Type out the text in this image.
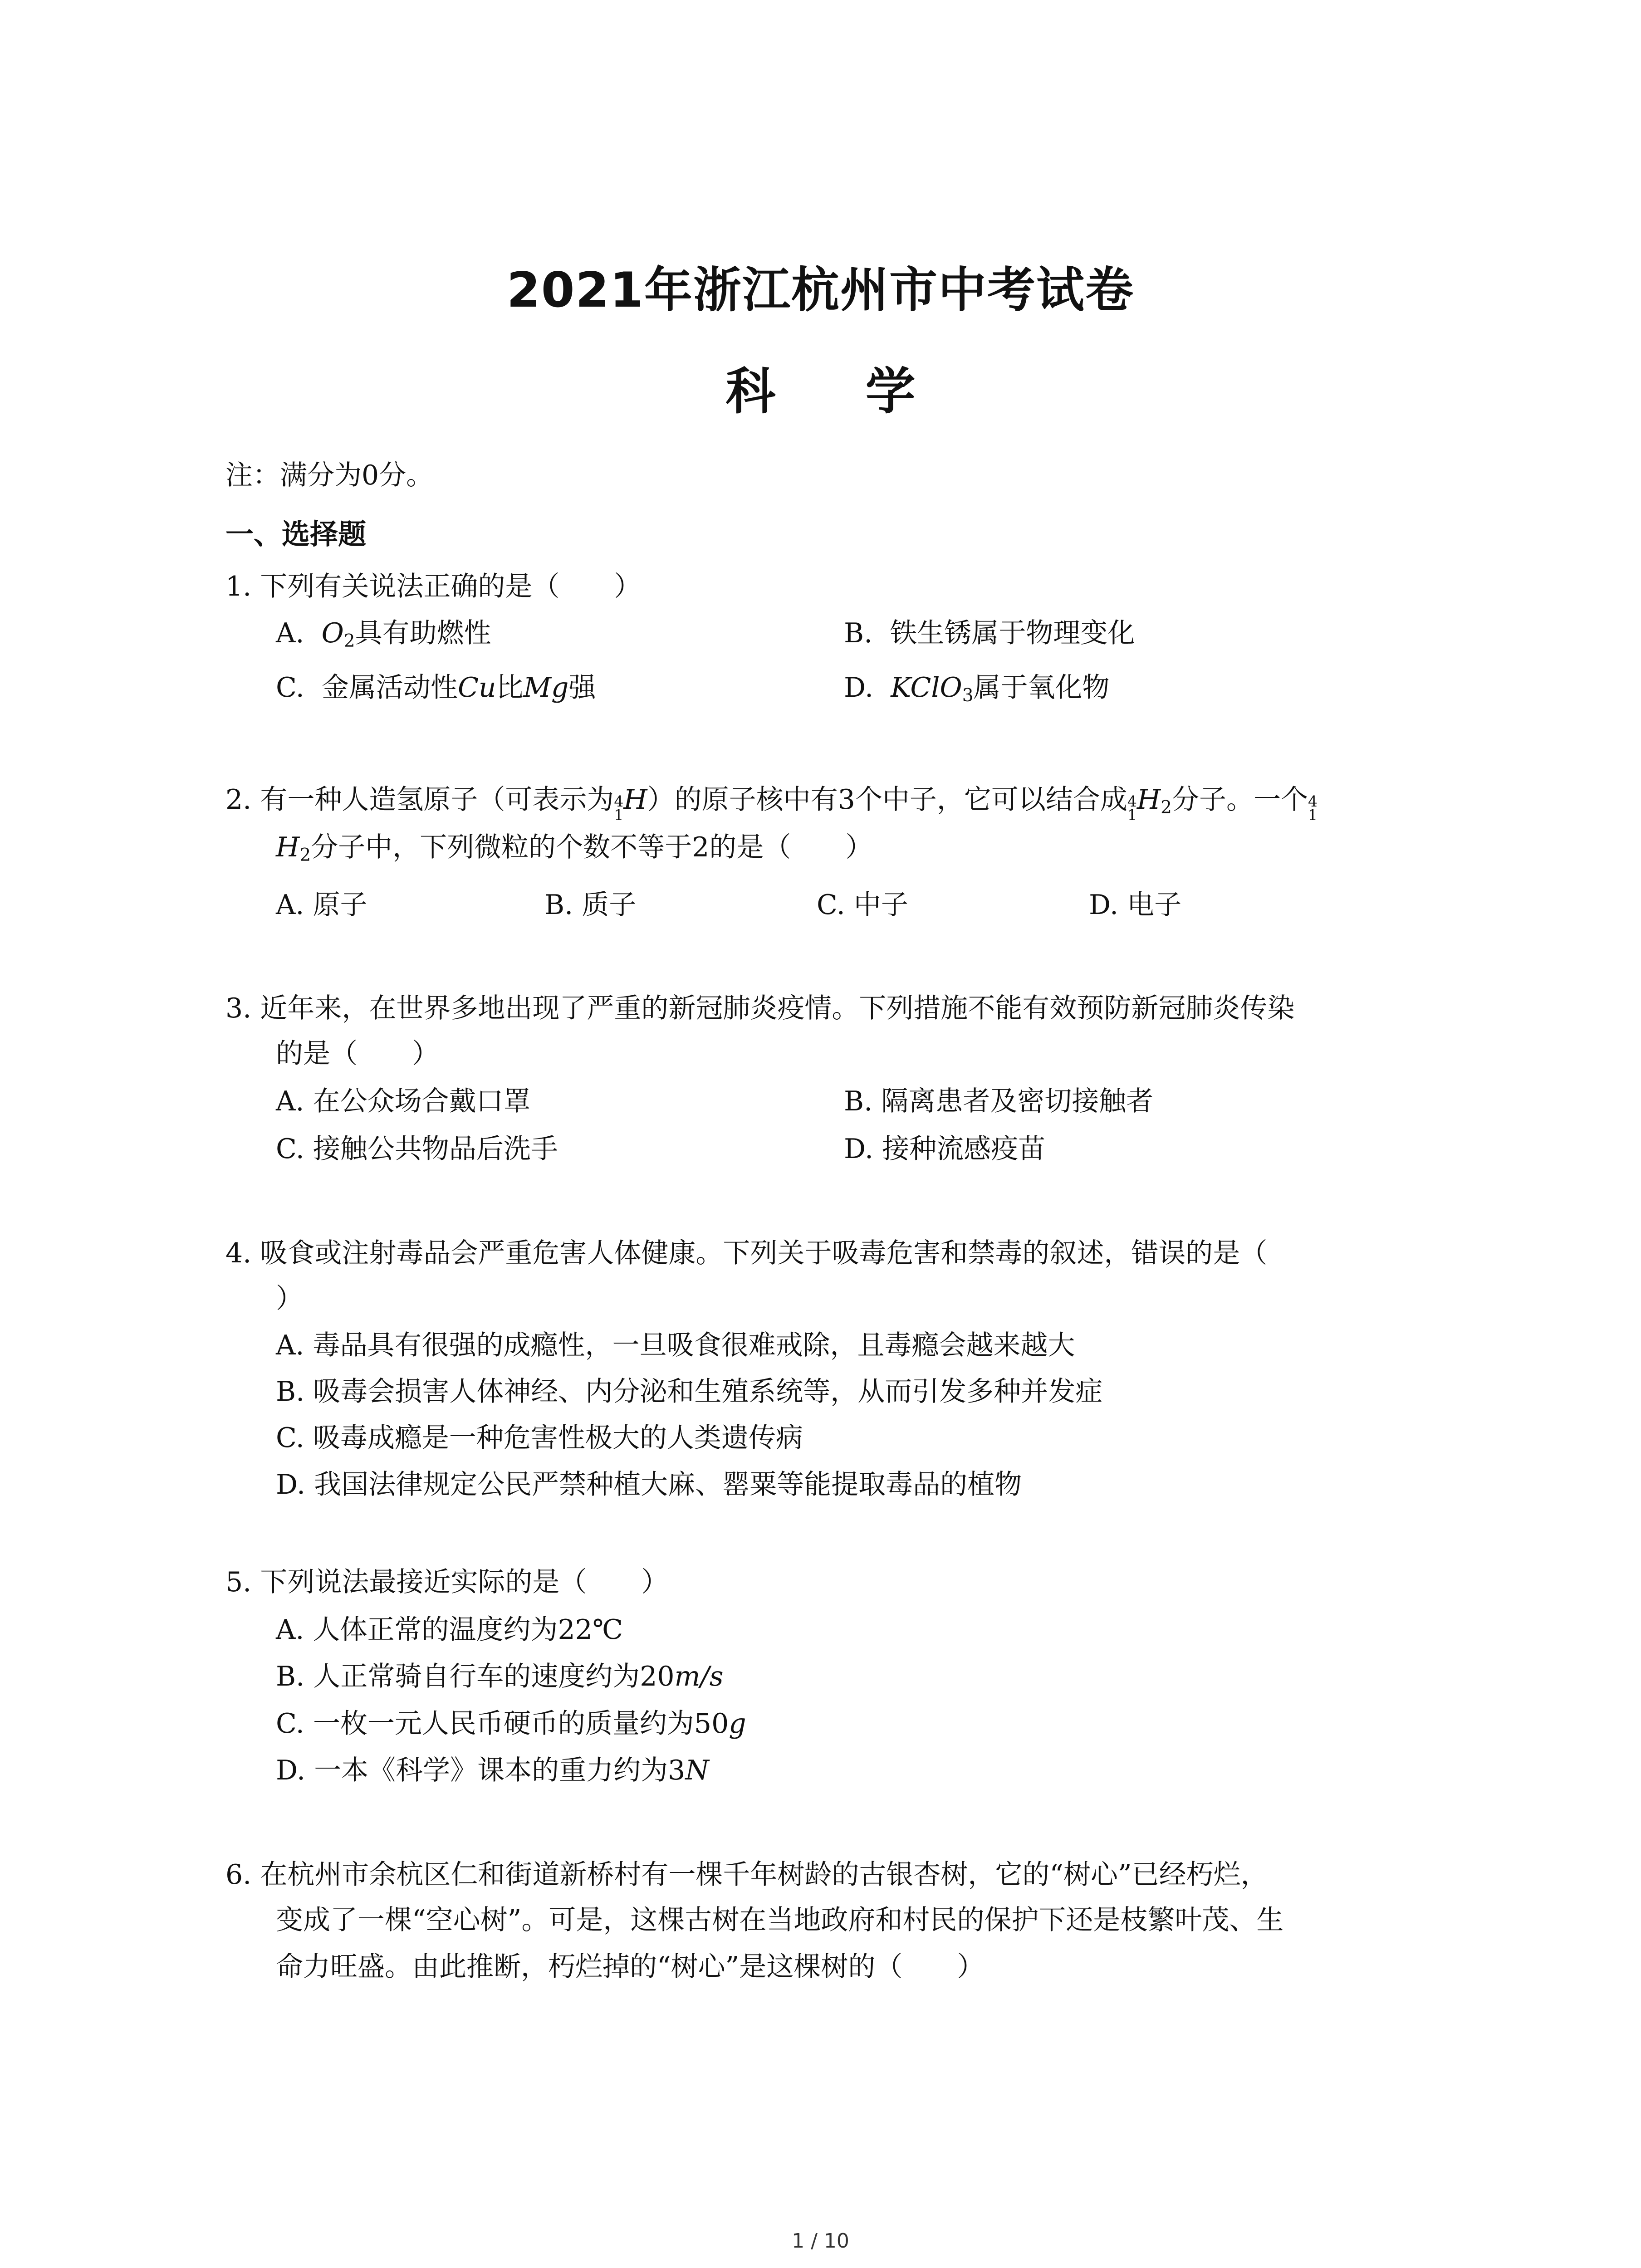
2021年浙江杭州市中考试卷
科 学
注：满分为0分。
一、选择题
1. 下列有关说法正确的是（　　）
A. $O_2$具有助燃性	B. 铁生锈属于物理变化
C. 金属活动性Cu比Mg强	D. KClO$_3$属于氧化物
2. 有一种人造氢原子（可表示为 4
1 H）的原子核中有3个中子，它可以结合成 4
1 $H_2$分子。一个 4
1
$H_2$分子中，下列微粒的个数不等于2的是（　　）
A. 原子	B. 质子	C. 中子	D. 电子
3. 近年来，在世界多地出现了严重的新冠肺炎疫情。下列措施不能有效预防新冠肺炎传染
的是（　　）
A. 在公众场合戴口罩	B. 隔离患者及密切接触者
C. 接触公共物品后洗手	D. 接种流感疫苗
4. 吸食或注射毒品会严重危害人体健康。下列关于吸毒危害和禁毒的叙述，错误的是（
）
A. 毒品具有很强的成瘾性，一旦吸食很难戒除，且毒瘾会越来越大
B. 吸毒会损害人体神经、内分泌和生殖系统等，从而引发多种并发症
C. 吸毒成瘾是一种危害性极大的人类遗传病
D. 我国法律规定公民严禁种植大麻、罂粟等能提取毒品的植物
5. 下列说法最接近实际的是（　　）
A. 人体正常的温度约为22℃
B. 人正常骑自行车的速度约为20m/s
C. 一枚一元人民币硬币的质量约为50g
D. 一本《科学》课本的重力约为3N
6. 在杭州市余杭区仁和街道新桥村有一棵千年树龄的古银杏树，它的“树心”已经朽烂，
变成了一棵“空心树”。可是，这棵古树在当地政府和村民的保护下还是枝繁叶茂、生
命力旺盛。由此推断，朽烂掉的“树心”是这棵树的（　　）
1 / 10
